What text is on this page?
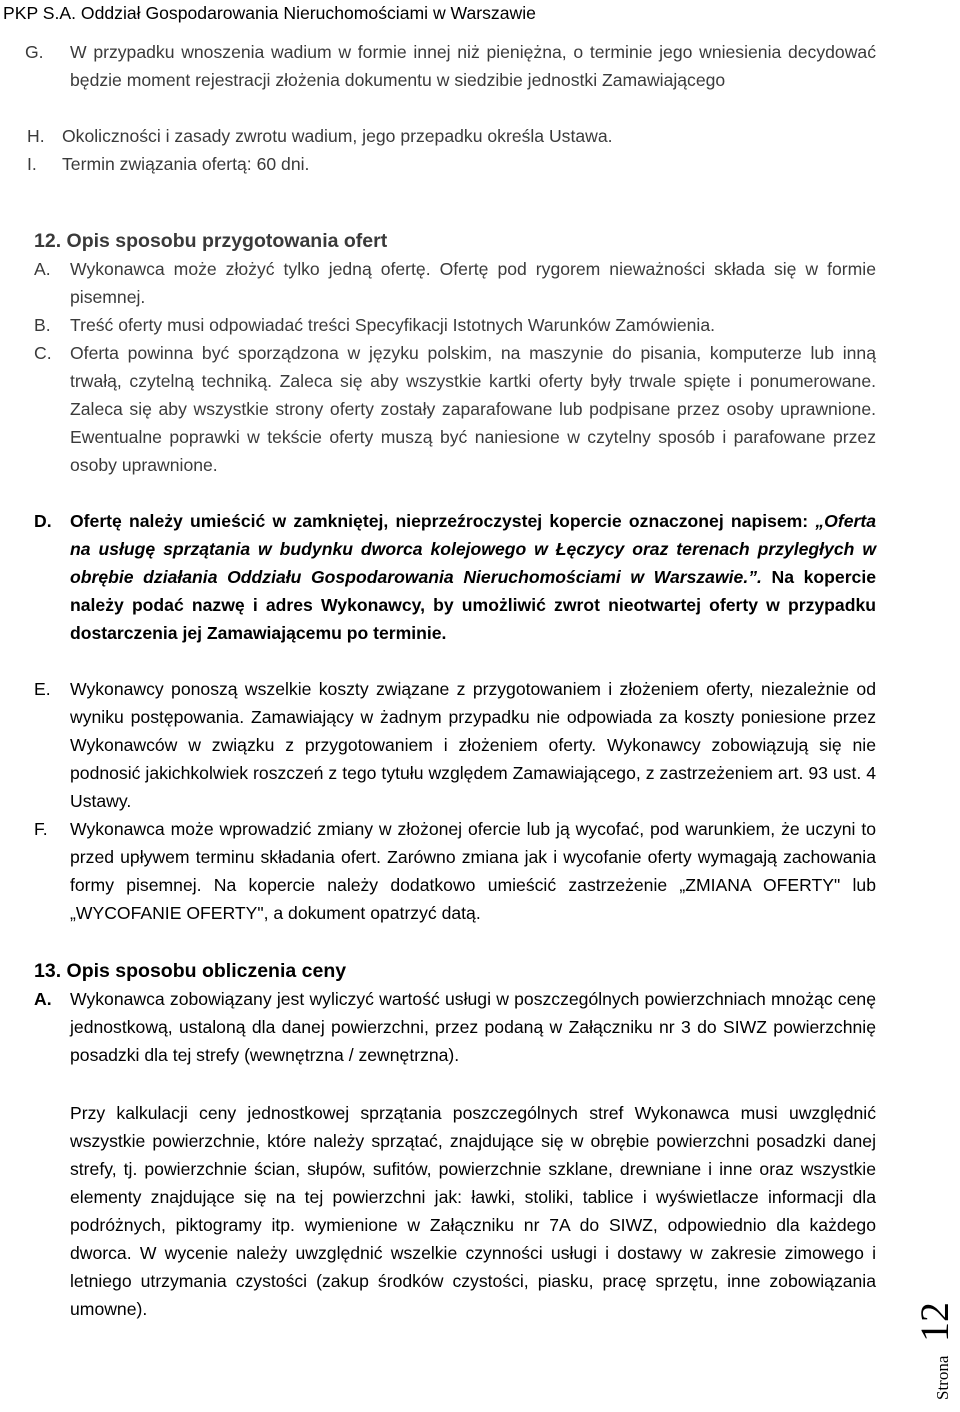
PKP S.A. Oddział Gospodarowania Nieruchomościami w Warszawie
G. W przypadku wnoszenia wadium w formie innej niż pieniężna, o terminie jego wniesienia decydować będzie moment rejestracji złożenia dokumentu w siedzibie jednostki Zamawiającego
H. Okoliczności i zasady zwrotu wadium, jego przepadku określa Ustawa.
I. Termin związania ofertą: 60 dni.
12. Opis sposobu przygotowania ofert
A. Wykonawca może złożyć tylko jedną ofertę. Ofertę pod rygorem nieważności składa się w formie pisemnej.
B. Treść oferty musi odpowiadać treści Specyfikacji Istotnych Warunków Zamówienia.
C. Oferta powinna być sporządzona w języku polskim, na maszynie do pisania, komputerze lub inną trwałą, czytelną techniką. Zaleca się aby wszystkie kartki oferty były trwale spięte i ponumerowane. Zaleca się aby wszystkie strony oferty zostały zaparafowane lub podpisane przez osoby uprawnione. Ewentualne poprawki w tekście oferty muszą być naniesione w czytelny sposób i parafowane przez osoby uprawnione.
D. Ofertę należy umieścić w zamkniętej, nieprzeźroczystej kopercie oznaczonej napisem: „Oferta na usługę sprzątania w budynku dworca kolejowego w Łęczycy oraz terenach przyległych w obrębie działania Oddziału Gospodarowania Nieruchomościami w Warszawie.”. Na kopercie należy podać nazwę i adres Wykonawcy, by umożliwić zwrot nieotwartej oferty w przypadku dostarczenia jej Zamawiającemu po terminie.
E. Wykonawcy ponoszą wszelkie koszty związane z przygotowaniem i złożeniem oferty, niezależnie od wyniku postępowania. Zamawiający w żadnym przypadku nie odpowiada za koszty poniesione przez Wykonawców w związku z przygotowaniem i złożeniem oferty. Wykonawcy zobowiązują się nie podnosić jakichkolwiek roszczeń z tego tytułu względem Zamawiającego, z zastrzeżeniem art. 93 ust. 4 Ustawy.
F. Wykonawca może wprowadzić zmiany w złożonej ofercie lub ją wycofać, pod warunkiem, że uczyni to przed upływem terminu składania ofert. Zarówno zmiana jak i wycofanie oferty wymagają zachowania formy pisemnej. Na kopercie należy dodatkowo umieścić zastrzeżenie „ZMIANA OFERTY" lub „WYCOFANIE OFERTY", a dokument opatrzyć datą.
13. Opis sposobu obliczenia ceny
A. Wykonawca zobowiązany jest wyliczyć wartość usługi w poszczególnych powierzchniach mnożąc cenę jednostkową, ustaloną dla danej powierzchni, przez podaną w Załączniku nr 3 do SIWZ powierzchnię posadzki dla tej strefy (wewnętrzna / zewnętrzna).
Przy kalkulacji ceny jednostkowej sprzątania poszczególnych stref Wykonawca musi uwzględnić wszystkie powierzchnie, które należy sprzątać, znajdujące się w obrębie powierzchni posadzki danej strefy, tj. powierzchnie ścian, słupów, sufitów, powierzchnie szklane, drewniane i inne oraz wszystkie elementy znajdujące się na tej powierzchni jak: ławki, stoliki, tablice i wyświetlacze informacji dla podróżnych, piktogramy itp. wymienione w Załączniku nr 7A do SIWZ, odpowiednio dla każdego dworca. W wycenie należy uwzględnić wszelkie czynności usługi i dostawy w zakresie zimowego i letniego utrzymania czystości (zakup środków czystości, piasku, pracę sprzętu, inne zobowiązania umowne).
Strona
12
